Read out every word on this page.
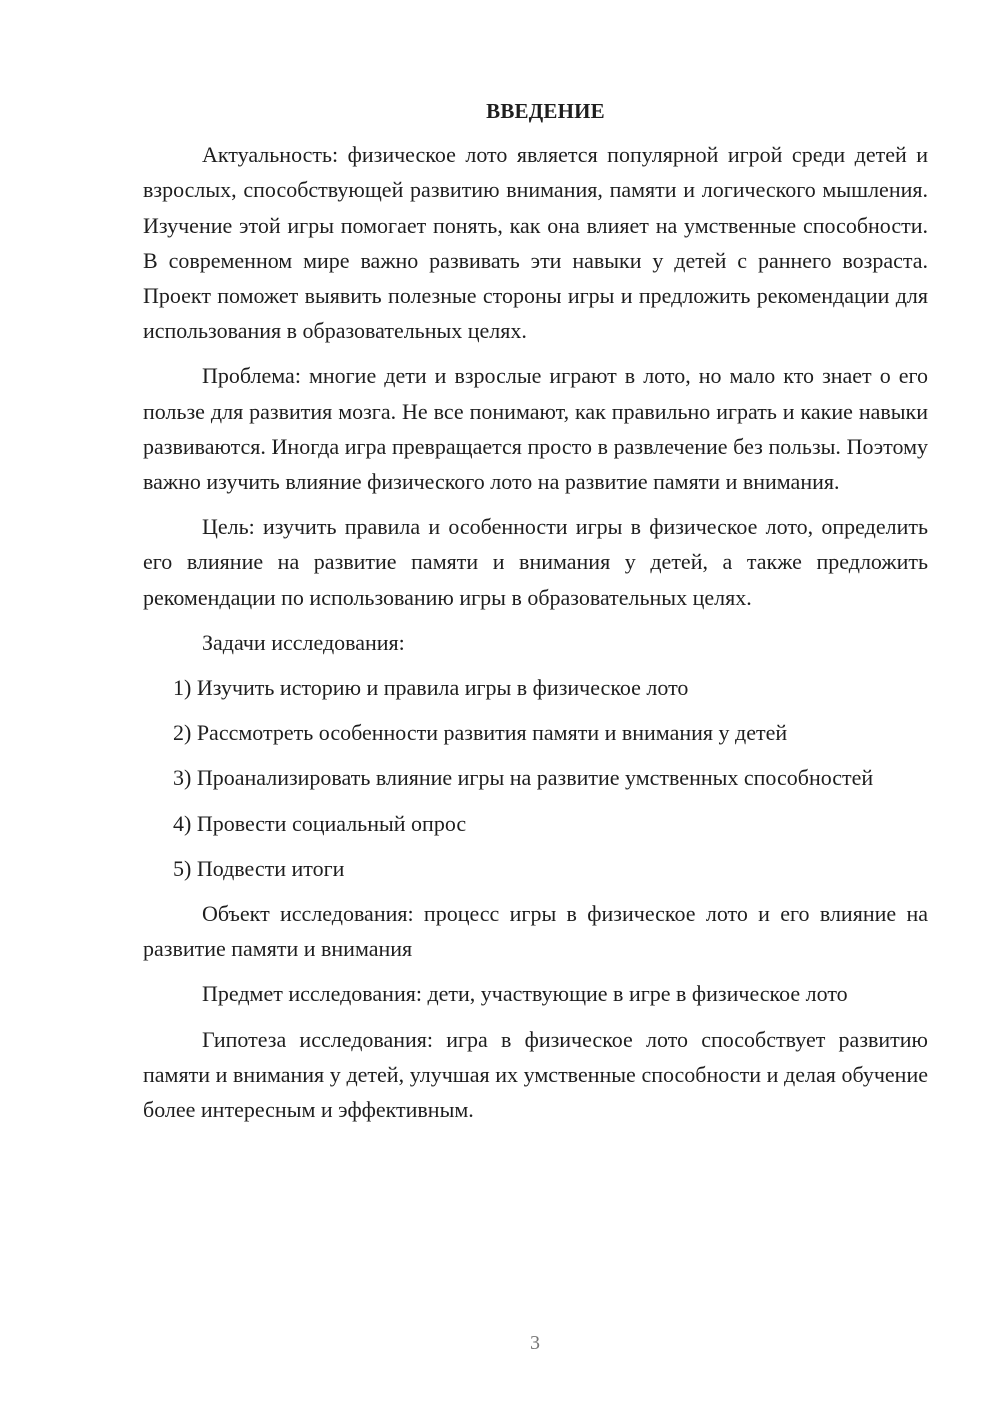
ВВЕДЕНИЕ

Актуальность: физическое лото является популярной игрой среди детей и взрослых, способствующей развитию внимания, памяти и логического мышления. Изучение этой игры помогает понять, как она влияет на умственные способности. В современном мире важно развивать эти навыки у детей с раннего возраста. Проект поможет выявить полезные стороны игры и предложить рекомендации для использования в образовательных целях.

Проблема: многие дети и взрослые играют в лото, но мало кто знает о его пользе для развития мозга. Не все понимают, как правильно играть и какие навыки развиваются. Иногда игра превращается просто в развлечение без пользы. Поэтому важно изучить влияние физического лото на развитие памяти и внимания.

Цель: изучить правила и особенности игры в физическое лото, определить его влияние на развитие памяти и внимания у детей, а также предложить рекомендации по использованию игры в образовательных целях.

Задачи исследования:

1) Изучить историю и правила игры в физическое лото

2) Рассмотреть особенности развития памяти и внимания у детей

3) Проанализировать влияние игры на развитие умственных способностей

4) Провести социальный опрос

5) Подвести итоги

Объект исследования: процесс игры в физическое лото и его влияние на развитие памяти и внимания

Предмет исследования: дети, участвующие в игре в физическое лото

Гипотеза исследования: игра в физическое лото способствует развитию памяти и внимания у детей, улучшая их умственные способности и делая обучение более интересным и эффективным.

3
